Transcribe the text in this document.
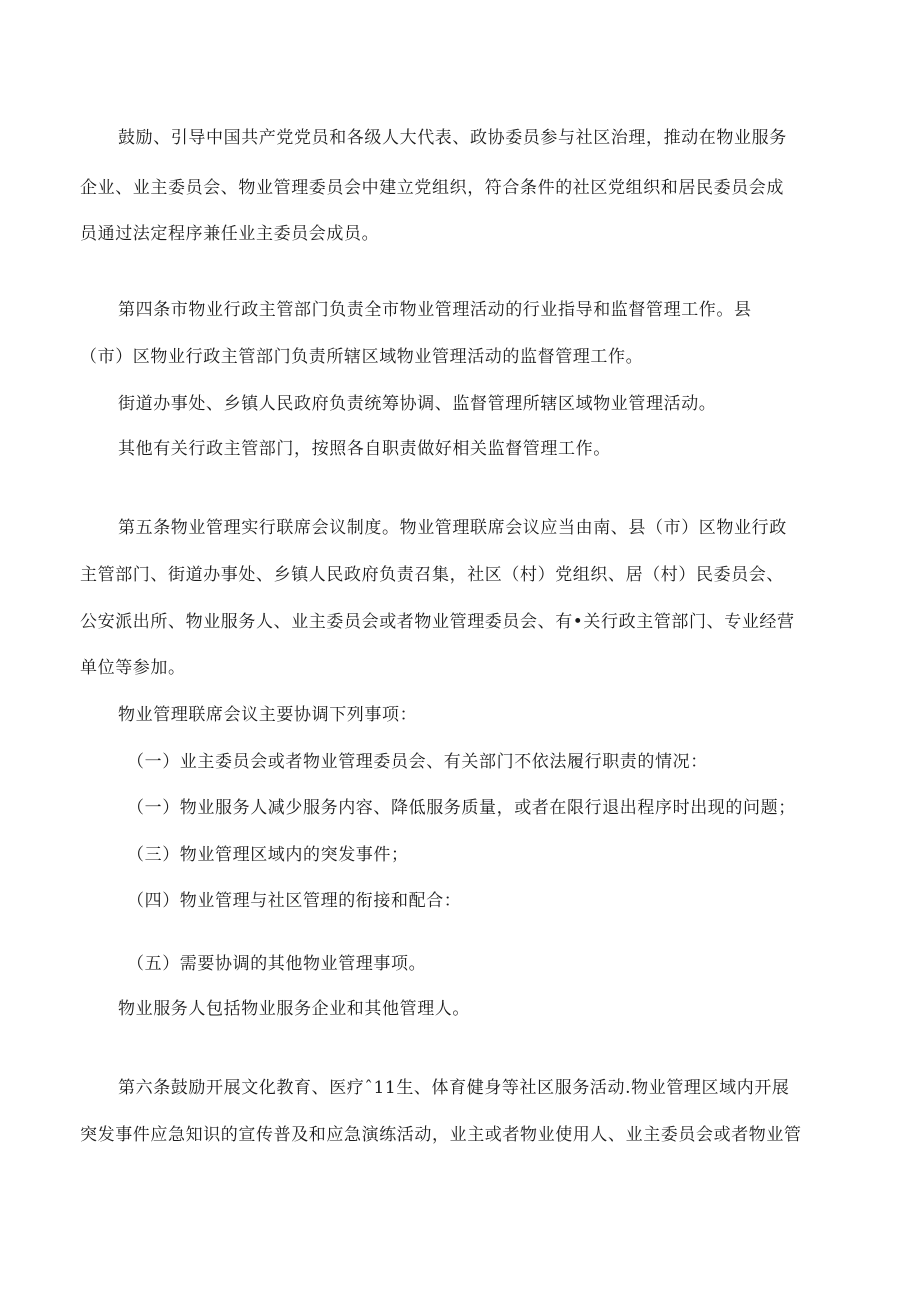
鼓励、引导中国共产党党员和各级人大代表、政协委员参与社区治理，推动在物业服务
企业、业主委员会、物业管理委员会中建立党组织，符合条件的社区党组织和居民委员会成
员通过法定程序兼任业主委员会成员。
第四条市物业行政主管部门负责全市物业管理活动的行业指导和监督管理工作。县
（市）区物业行政主管部门负责所辖区域物业管理活动的监督管理工作。
街道办事处、乡镇人民政府负责统筹协调、监督管理所辖区域物业管理活动。
其他有关行政主管部门，按照各自职责做好相关监督管理工作。
第五条物业管理实行联席会议制度。物业管理联席会议应当由南、县（市）区物业行政
主管部门、街道办事处、乡镇人民政府负责召集，社区（村）党组织、居（村）民委员会、
公安派出所、物业服务人、业主委员会或者物业管理委员会、有•关行政主管部门、专业经营
单位等参加。
物业管理联席会议主要协调下列事项：
（一）业主委员会或者物业管理委员会、有关部门不依法履行职责的情况：
（一）物业服务人减少服务内容、降低服务质量，或者在限行退出程序时出现的问题；
（三）物业管理区域内的突发事件；
（四）物业管理与社区管理的衔接和配合：
（五）需要协调的其他物业管理事项。
物业服务人包括物业服务企业和其他管理人。
第六条鼓励开展文化教育、医疗ˆ11生、体育健身等社区服务活动.物业管理区域内开展
突发事件应急知识的宣传普及和应急演练活动，业主或者物业使用人、业主委员会或者物业管
